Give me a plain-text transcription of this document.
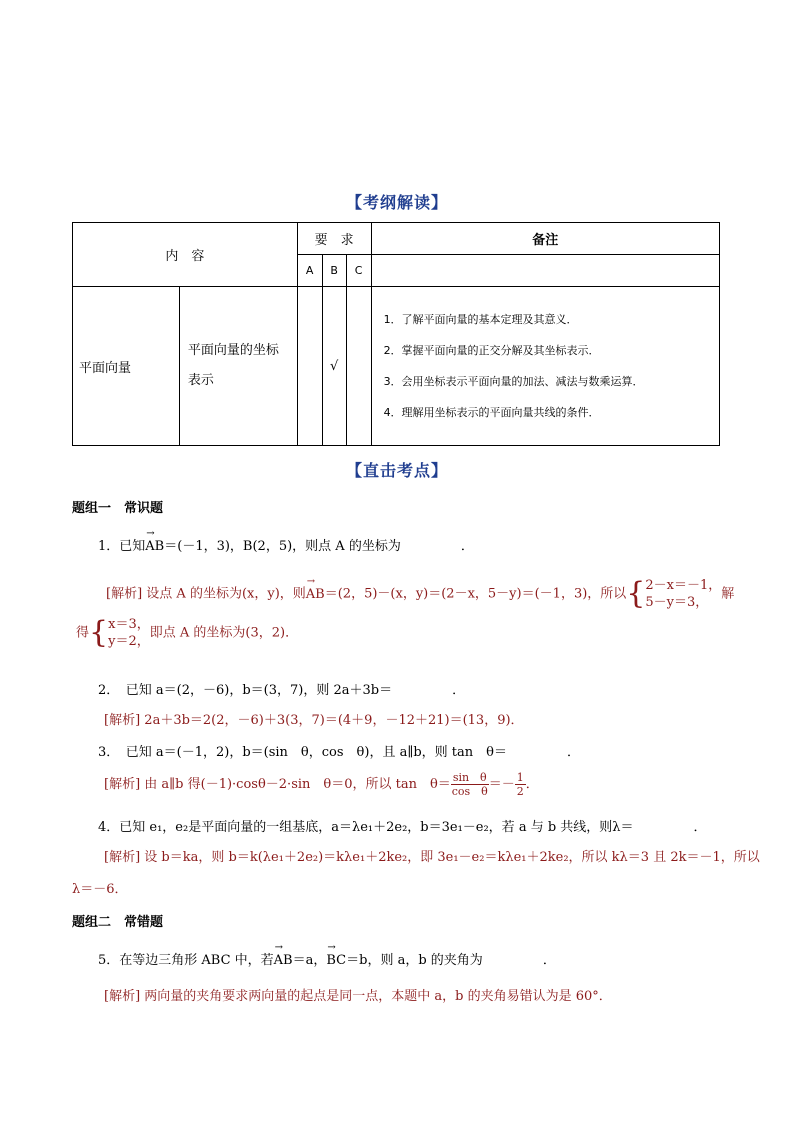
【考纲解读】
内　容		要　求			备注
		A	B	C	
平面向量	平面向量的坐标表示		√		1．了解平面向量的基本定理及其意义．

2．掌握平面向量的正交分解及其坐标表示．

3．会用坐标表示平面向量的加法、减法与数乘运算．

4．理解用坐标表示的平面向量共线的条件．

【直击考点】
题组一　常识题
1．已知→ AB＝(－1，3)，B(2，5)，则点 A 的坐标为	．
[解析] 设点 A 的坐标为(x，y)，则→ AB＝(2，5)－(x，y)＝(2－x，5－y)＝(－1，3)，所以{ 2－x＝－1，
5－y＝3，
解
得{ x＝3，
y＝2，
即点 A 的坐标为(3，2)．
2．　已知 a＝(2，－6)，b＝(3，7)，则 2a＋3b＝	．
[解析] 2a＋3b＝2(2，－6)＋3(3，7)＝(4＋9，－12＋21)＝(13，9)．
3．　已知 a＝(－1，2)，b＝(sin　θ，cos　θ)，且 a∥b，则 tan　θ＝	．
[解析] 由 a∥b 得(－1)·cosθ－2·sin　θ＝0，所以 tan　$\theta= \frac{\text{sin　θ}}{\text{cos　θ}} =- \frac{1}{2}$ ．
4．已知 e₁，e₂是平面向量的一组基底，a＝λe₁＋2e₂，b＝3e₁－e₂，若 a 与 b 共线，则λ＝	．
[解析] 设 b＝ka，则 b＝k(λe₁＋2e₂)＝kλe₁＋2ke₂，即 3e₁－e₂＝kλe₁＋2ke₂，所以 kλ＝3 且 2k＝－1，所以
λ＝－6．
题组二　常错题
5．在等边三角形 ABC 中，若→ AB＝a，→ BC＝b，则 a，b 的夹角为	．
[解析] 两向量的夹角要求两向量的起点是同一点，本题中 a，b 的夹角易错认为是 60°．
